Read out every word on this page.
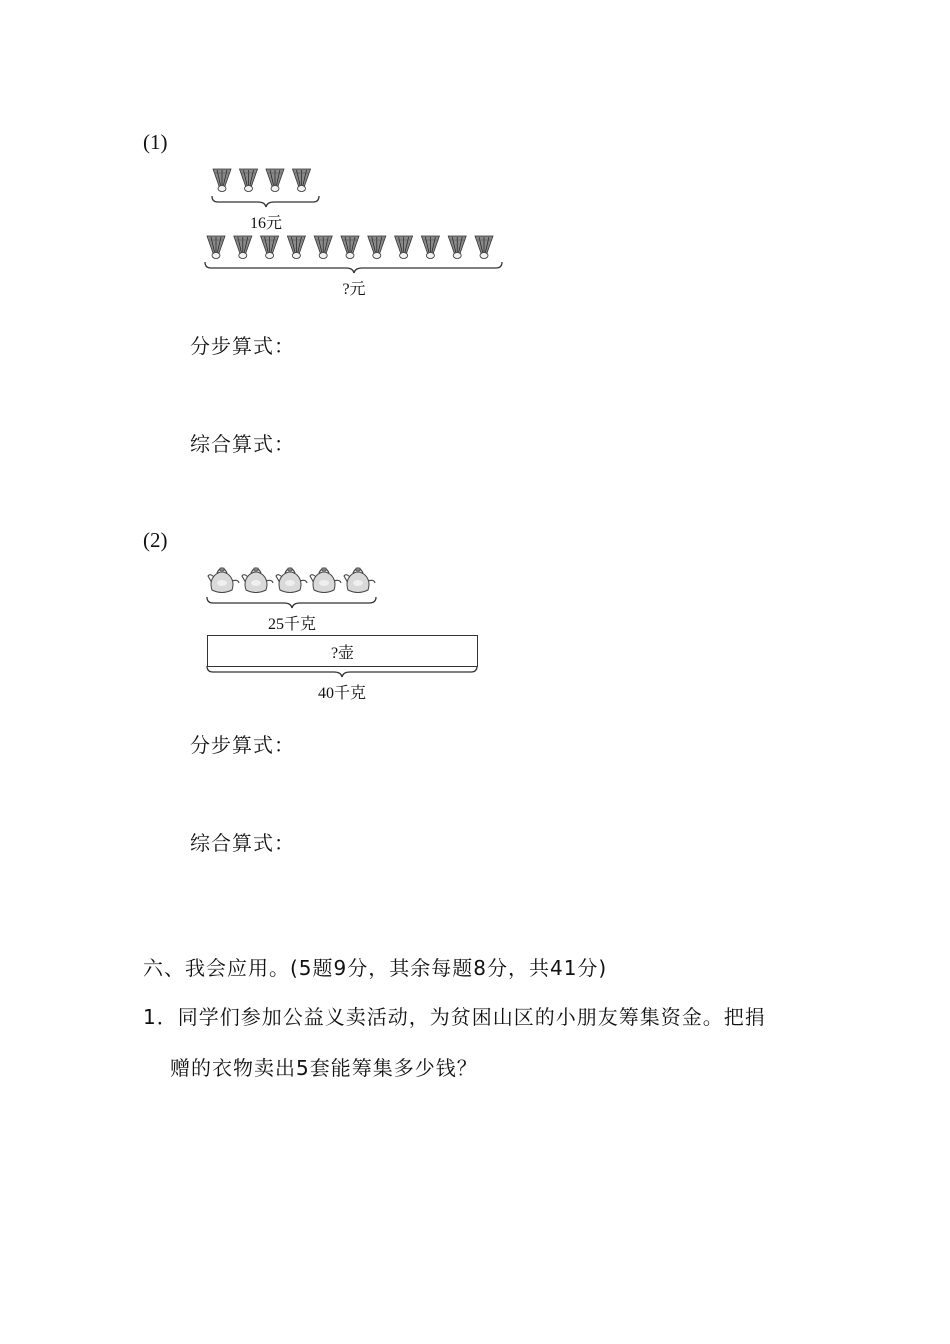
(1)
16元
?元
分步算式：
综合算式：
(2)
25千克
?壶
40千克
分步算式：
综合算式：
六、我会应用。(5题9分，其余每题8分，共41分)
1．同学们参加公益义卖活动，为贫困山区的小朋友筹集资金。把捐
赠的衣物卖出5套能筹集多少钱？
